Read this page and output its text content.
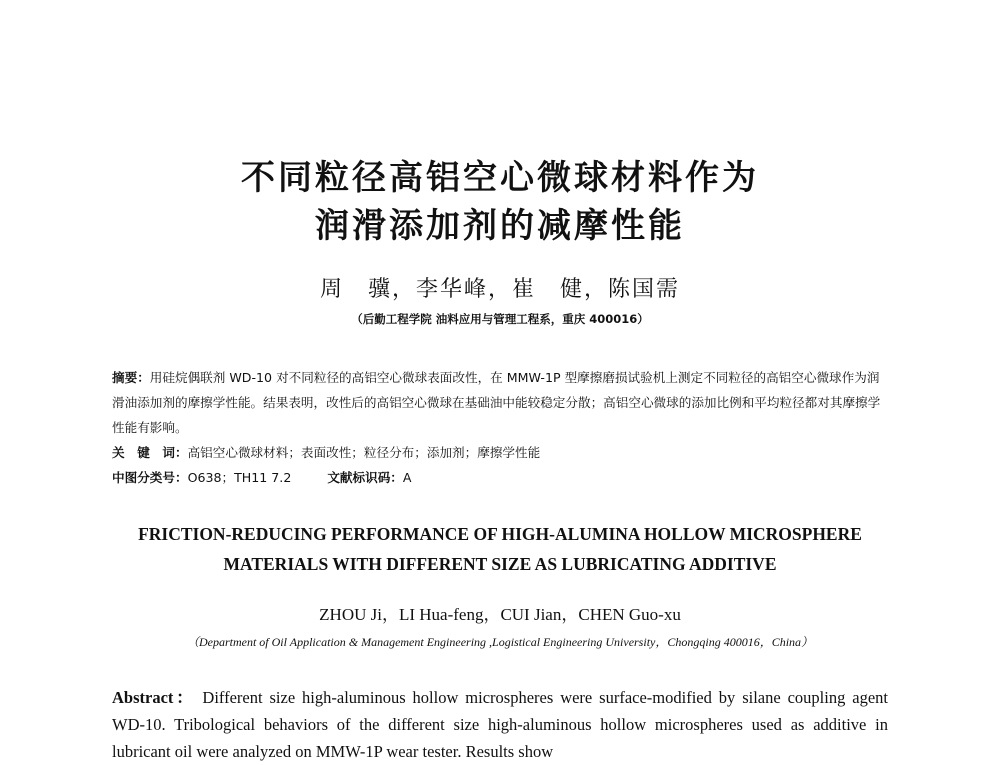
不同粒径高铝空心微球材料作为
润滑添加剂的减摩性能
周　骥，李华峰，崔　健，陈国需
（后勤工程学院 油料应用与管理工程系，重庆 400016）
摘要：用硅烷偶联剂 WD-10 对不同粒径的高铝空心微球表面改性，在 MMW-1P 型摩擦磨损试验机上测定不同粒径的高铝空心微球作为润滑油添加剂的摩擦学性能。结果表明，改性后的高铝空心微球在基础油中能较稳定分散；高铝空心微球的添加比例和平均粒径都对其摩擦学性能有影响。
关　键　词：高铝空心微球材料；表面改性；粒径分布；添加剂；摩擦学性能
中图分类号：O638；TH11 7.2	文献标识码：A
FRICTION-REDUCING PERFORMANCE OF HIGH-ALUMINA HOLLOW MICROSPHERE
MATERIALS WITH DIFFERENT SIZE AS LUBRICATING ADDITIVE
ZHOU Ji，LI Hua-feng，CUI Jian，CHEN Guo-xu
（Department of Oil Application & Management Engineering ,Logistical Engineering University，Chongqing 400016，China）
Abstract： Different size high-aluminous hollow microspheres were surface-modified by silane coupling agent WD-10. Tribological behaviors of the different size high-aluminous hollow microspheres used as additive in lubricant oil were analyzed on MMW-1P wear tester. Results show
